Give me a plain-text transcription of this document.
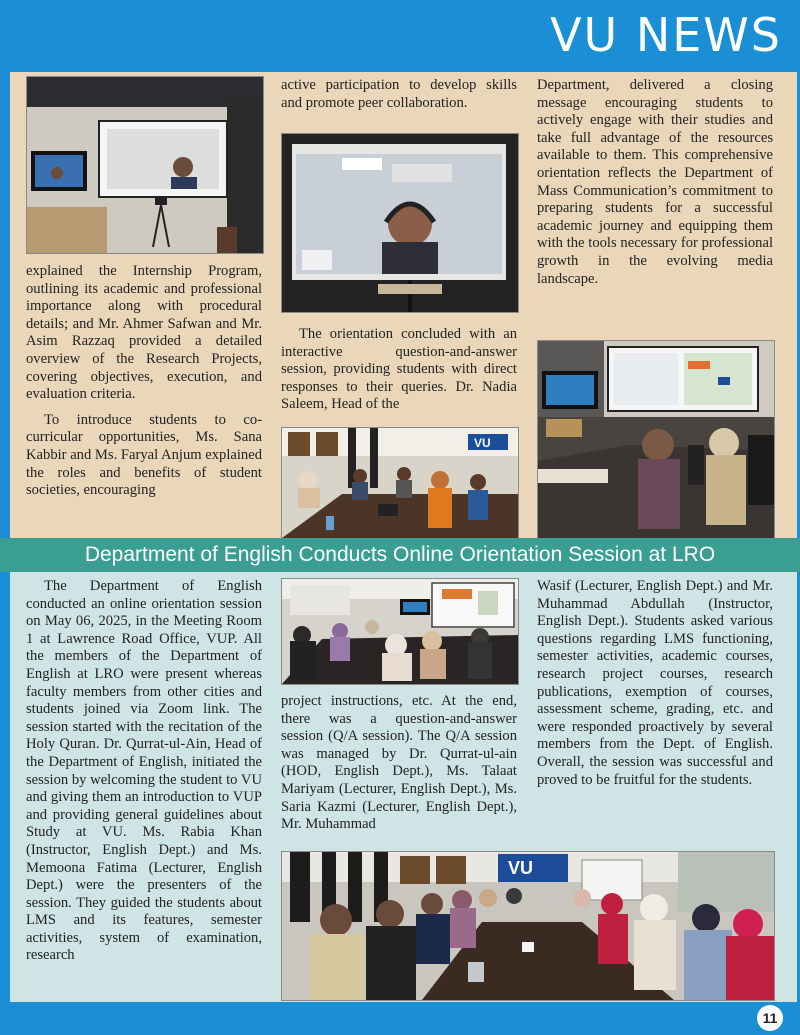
VU NEWS

explained the Internship Program, outlining its academic and professional importance along with procedural details; and Mr. Ahmer Safwan and Mr. Asim Razzaq provided a detailed overview of the Research Projects, covering objectives, execution, and evaluation criteria.

To introduce students to co-curricular opportunities, Ms. Sana Kabbir and Ms. Faryal Anjum explained the roles and benefits of student societies, encouraging

active participation to develop skills and promote peer collaboration.

The orientation concluded with an interactive question-and-answer session, providing students with direct responses to their queries. Dr. Nadia Saleem, Head of the

VU

Department, delivered a closing message encouraging students to actively engage with their studies and take full advantage of the resources available to them. This comprehensive orientation reflects the Department of Mass Communication’s commitment to preparing students for a successful academic journey and equipping them with the tools necessary for professional growth in the evolving media landscape.

Department of English Conducts Online Orientation Session at LRO

The Department of English conducted an online orientation session on May 06, 2025, in the Meeting Room 1 at Lawrence Road Office, VUP. All the members of the Department of English at LRO were present whereas faculty members from other cities and students joined via Zoom link. The session started with the recitation of the Holy Quran. Dr. Qurrat-ul-Ain, Head of the Department of English, initiated the session by welcoming the student to VU and giving them an introduction to VUP and providing general guidelines about Study at VU. Ms. Rabia Khan (Instructor, English Dept.) and Ms. Memoona Fatima (Lecturer, English Dept.) were the presenters of the session. They guided the students about LMS and its features, semester activities, system of examination, research

project instructions, etc. At the end, there was a question-and-answer session (Q/A session). The Q/A session was managed by Dr. Qurrat-ul-ain (HOD, English Dept.), Ms. Talaat Mariyam (Lecturer, English Dept.), Ms. Saria Kazmi (Lecturer, English Dept.), Mr. Muhammad

Wasif (Lecturer, English Dept.) and Mr. Muhammad Abdullah (Instructor, English Dept.). Students asked various questions regarding LMS functioning, semester activities, academic courses, research project courses, research publications, exemption of courses, assessment scheme, grading, etc. and were responded proactively by several members from the Dept. of English. Overall, the session was successful and proved to be fruitful for the students.

VU
11
